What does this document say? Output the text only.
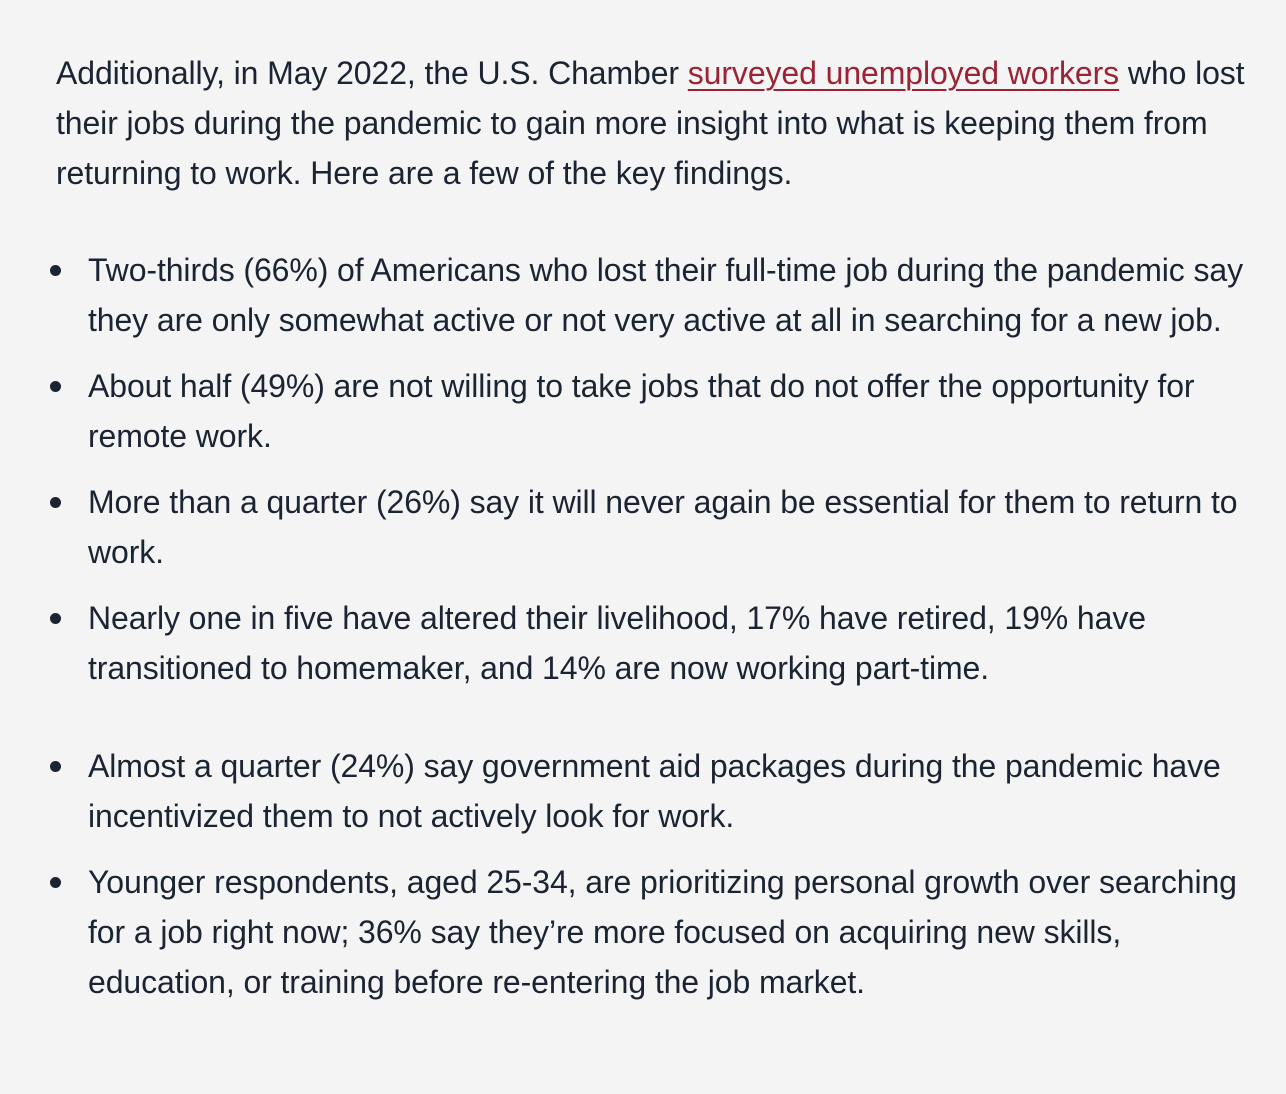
Additionally, in May 2022, the U.S. Chamber surveyed unemployed workers who lost their jobs during the pandemic to gain more insight into what is keeping them from returning to work. Here are a few of the key findings.

Two-thirds (66%) of Americans who lost their full-time job during the pandemic say they are only somewhat active or not very active at all in searching for a new job.
About half (49%) are not willing to take jobs that do not offer the opportunity for remote work.
More than a quarter (26%) say it will never again be essential for them to return to work.
Nearly one in five have altered their livelihood, 17% have retired, 19% have transitioned to homemaker, and 14% are now working part-time.
Almost a quarter (24%) say government aid packages during the pandemic have incentivized them to not actively look for work.
Younger respondents, aged 25-34, are prioritizing personal growth over searching for a job right now; 36% say they’re more focused on acquiring new skills, education, or training before re-entering the job market.
